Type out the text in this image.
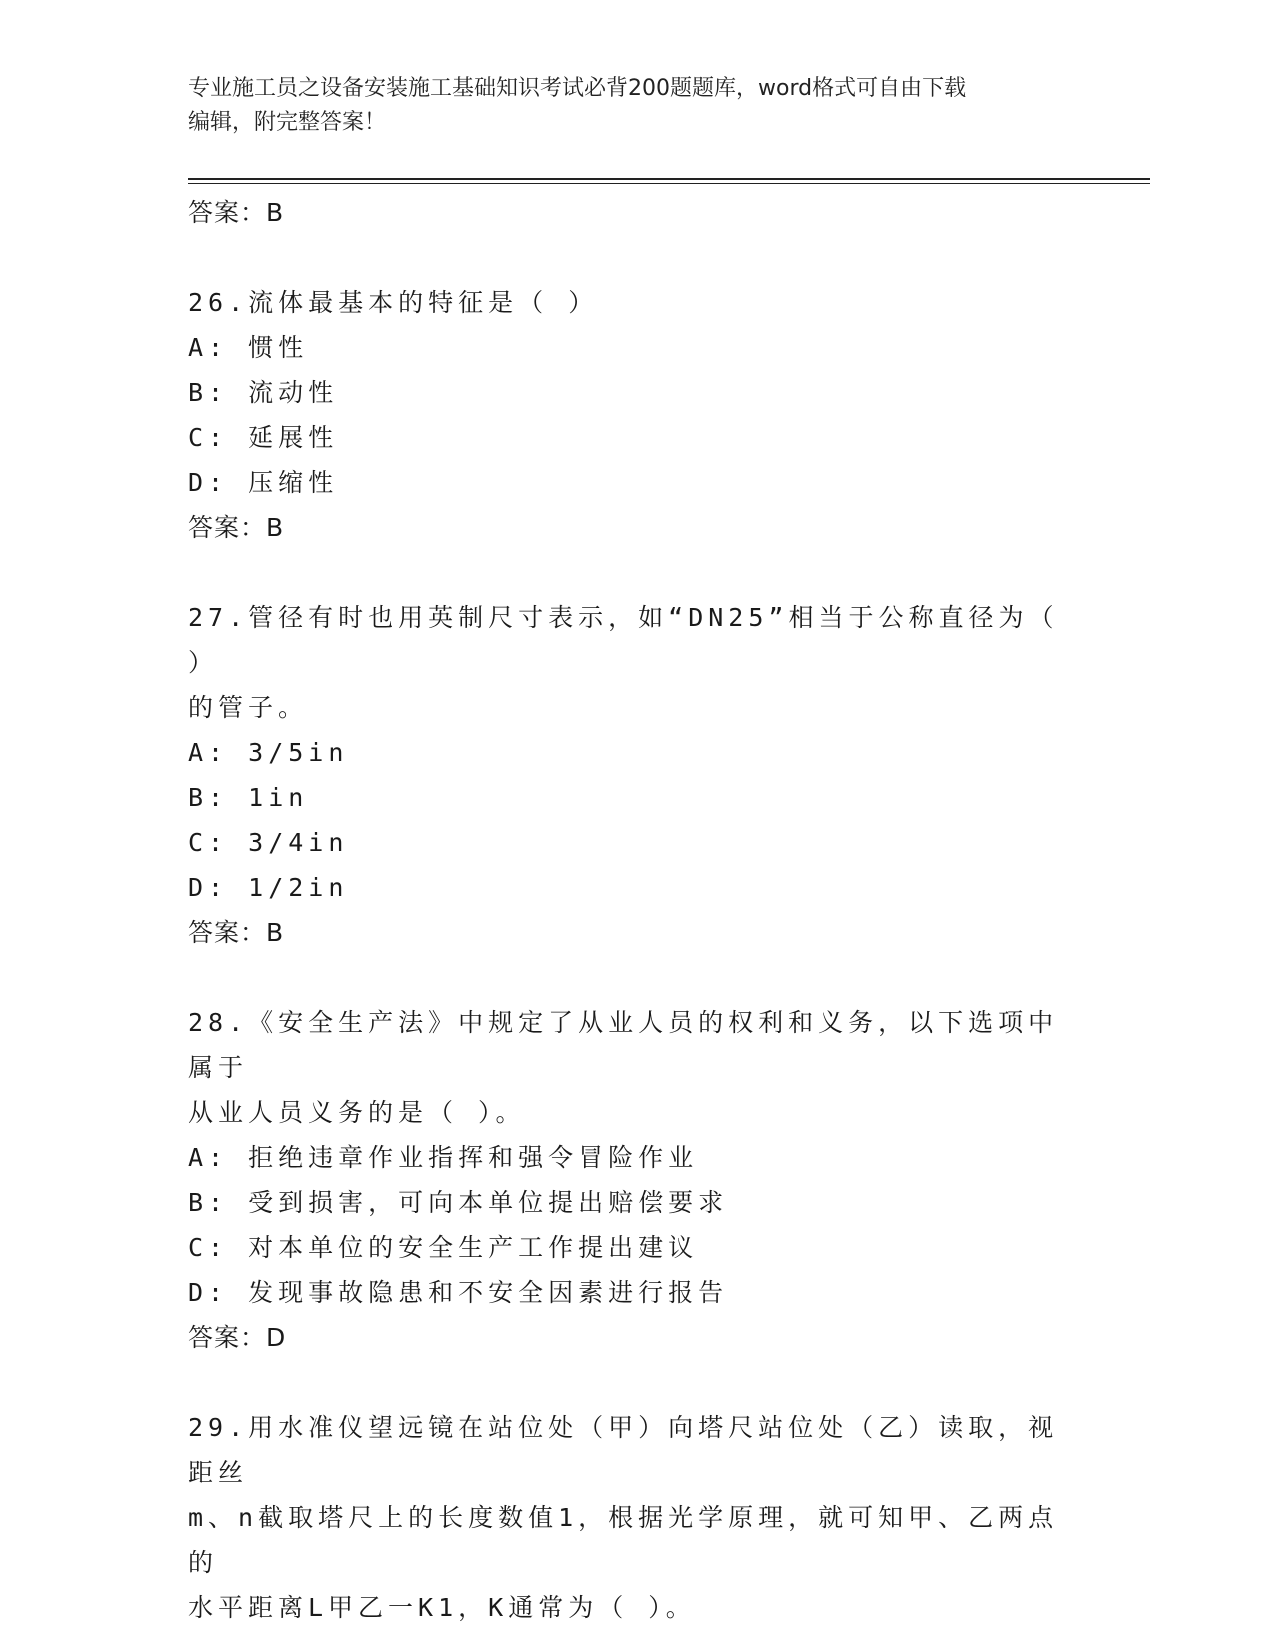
专业施工员之设备安装施工基础知识考试必背200题题库，word格式可自由下载
编辑，附完整答案！
答案：B
26.流体最基本的特征是（ ）
A: 惯性
B: 流动性
C: 延展性
D: 压缩性
答案：B
27.管径有时也用英制尺寸表示，如“DN25”相当于公称直径为（ ）
的管子。
A: 3/5in
B: 1in
C: 3/4in
D: 1/2in
答案：B
28.《安全生产法》中规定了从业人员的权利和义务，以下选项中属于
从业人员义务的是（ ）。
A: 拒绝违章作业指挥和强令冒险作业
B: 受到损害，可向本单位提出赔偿要求
C: 对本单位的安全生产工作提出建议
D: 发现事故隐患和不安全因素进行报告
答案：D
29.用水准仪望远镜在站位处（甲）向塔尺站位处（乙）读取，视距丝
m、n截取塔尺上的长度数值1，根据光学原理，就可知甲、乙两点的
水平距离L甲乙一K1，K通常为（ ）。
